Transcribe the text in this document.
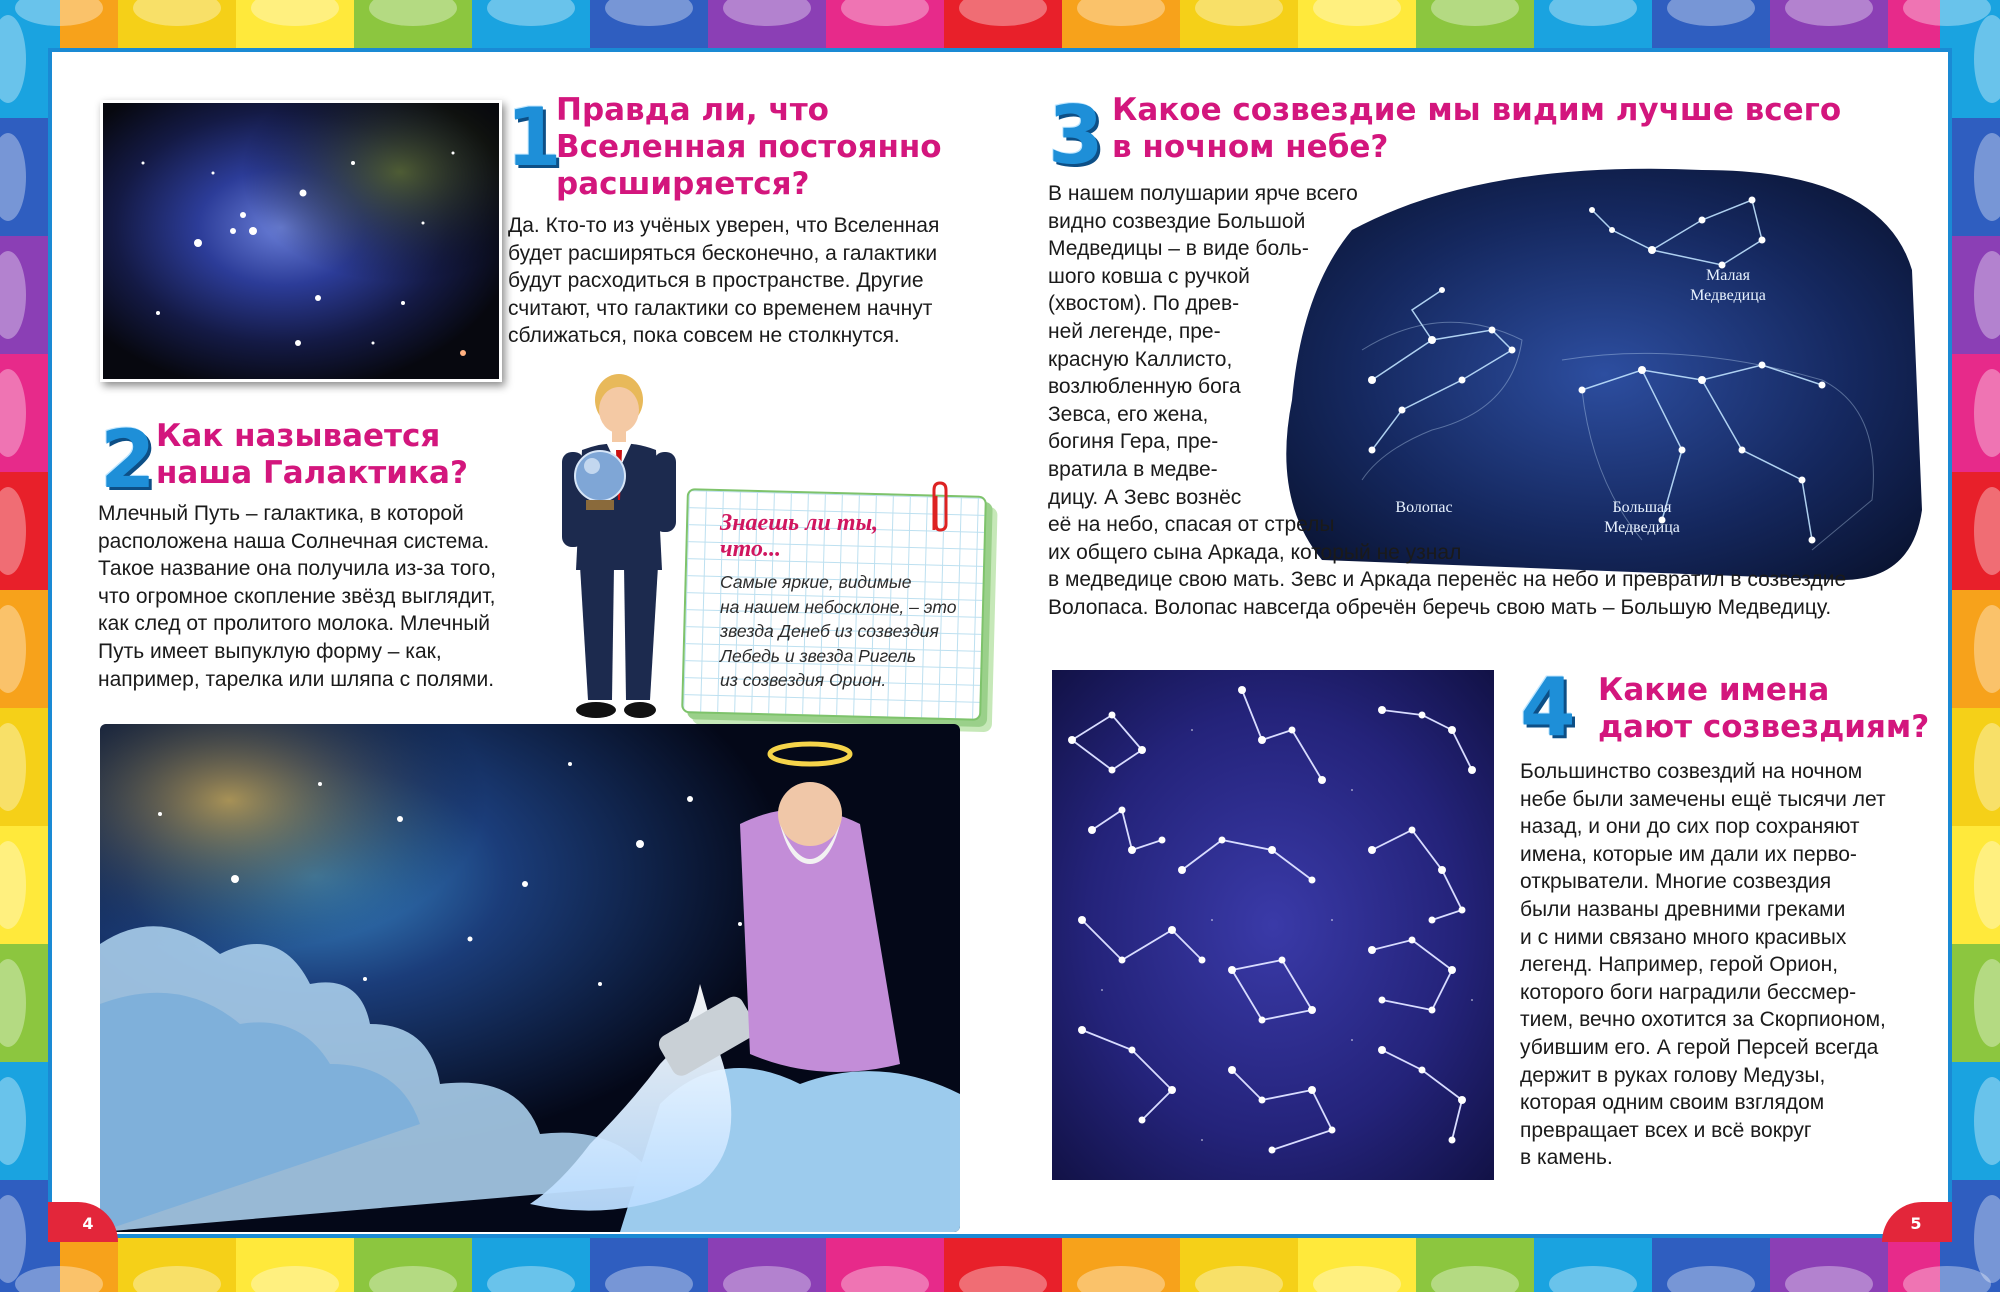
1
Правда ли, что
Вселенная постоянно
расширяется?

Да. Кто-то из учёных уверен, что Вселенная

будет расширяться бесконечно, а галактики

будут расходиться в пространстве. Другие

считают, что галактики со временем начнут

сближаться, пока совсем не столкнутся.

2 Как называется
наша Галактика?

Млечный Путь – галактика, в которой

расположена наша Солнечная система.

Такое название она получила из-за того,

что огромное скопление звёзд выглядит,

как след от пролитого молока. Млечный

Путь имеет выпуклую форму – как,

например, тарелка или шляпа с полями.

Знаешь ли ты,
что...

Самые яркие, видимые

на нашем небосклоне, – это

звезда Денеб из созвездия

Лебедь и звезда Ригель

из созвездия Орион.

4
3 Какое созвездие мы видим лучше всего
в ночном небе?
Малая
Медведица
Волопас	Большая
Медведица

В нашем полушарии ярче всего

видно созвездие Большой

Медведицы – в виде боль-

шого ковша с ручкой

(хвостом). По древ-

ней легенде, пре-

красную Каллисто,

возлюбленную бога

Зевса, его жена,

богиня Гера, пре-

вратила в медве-

дицу. А Зевс вознёс

её на небо, спасая от стрелы

их общего сына Аркада, который не узнал

в медведице свою мать. Зевс и Аркада перенёс на небо и превратил в созвездие

Волопаса. Волопас навсегда обречён беречь свою мать – Большую Медведицу.

4 Какие имена
дают созвездиям?

Большинство созвездий на ночном

небе были замечены ещё тысячи лет

назад, и они до сих пор сохраняют

имена, которые им дали их перво-

открыватели. Многие созвездия

были названы древними греками

и с ними связано много красивых

легенд. Например, герой Орион,

которого боги наградили бессмер-

тием, вечно охотится за Скорпионом,

убившим его. А герой Персей всегда

держит в руках голову Медузы,

которая одним своим взглядом

превращает всех и всё вокруг

в камень.

5
